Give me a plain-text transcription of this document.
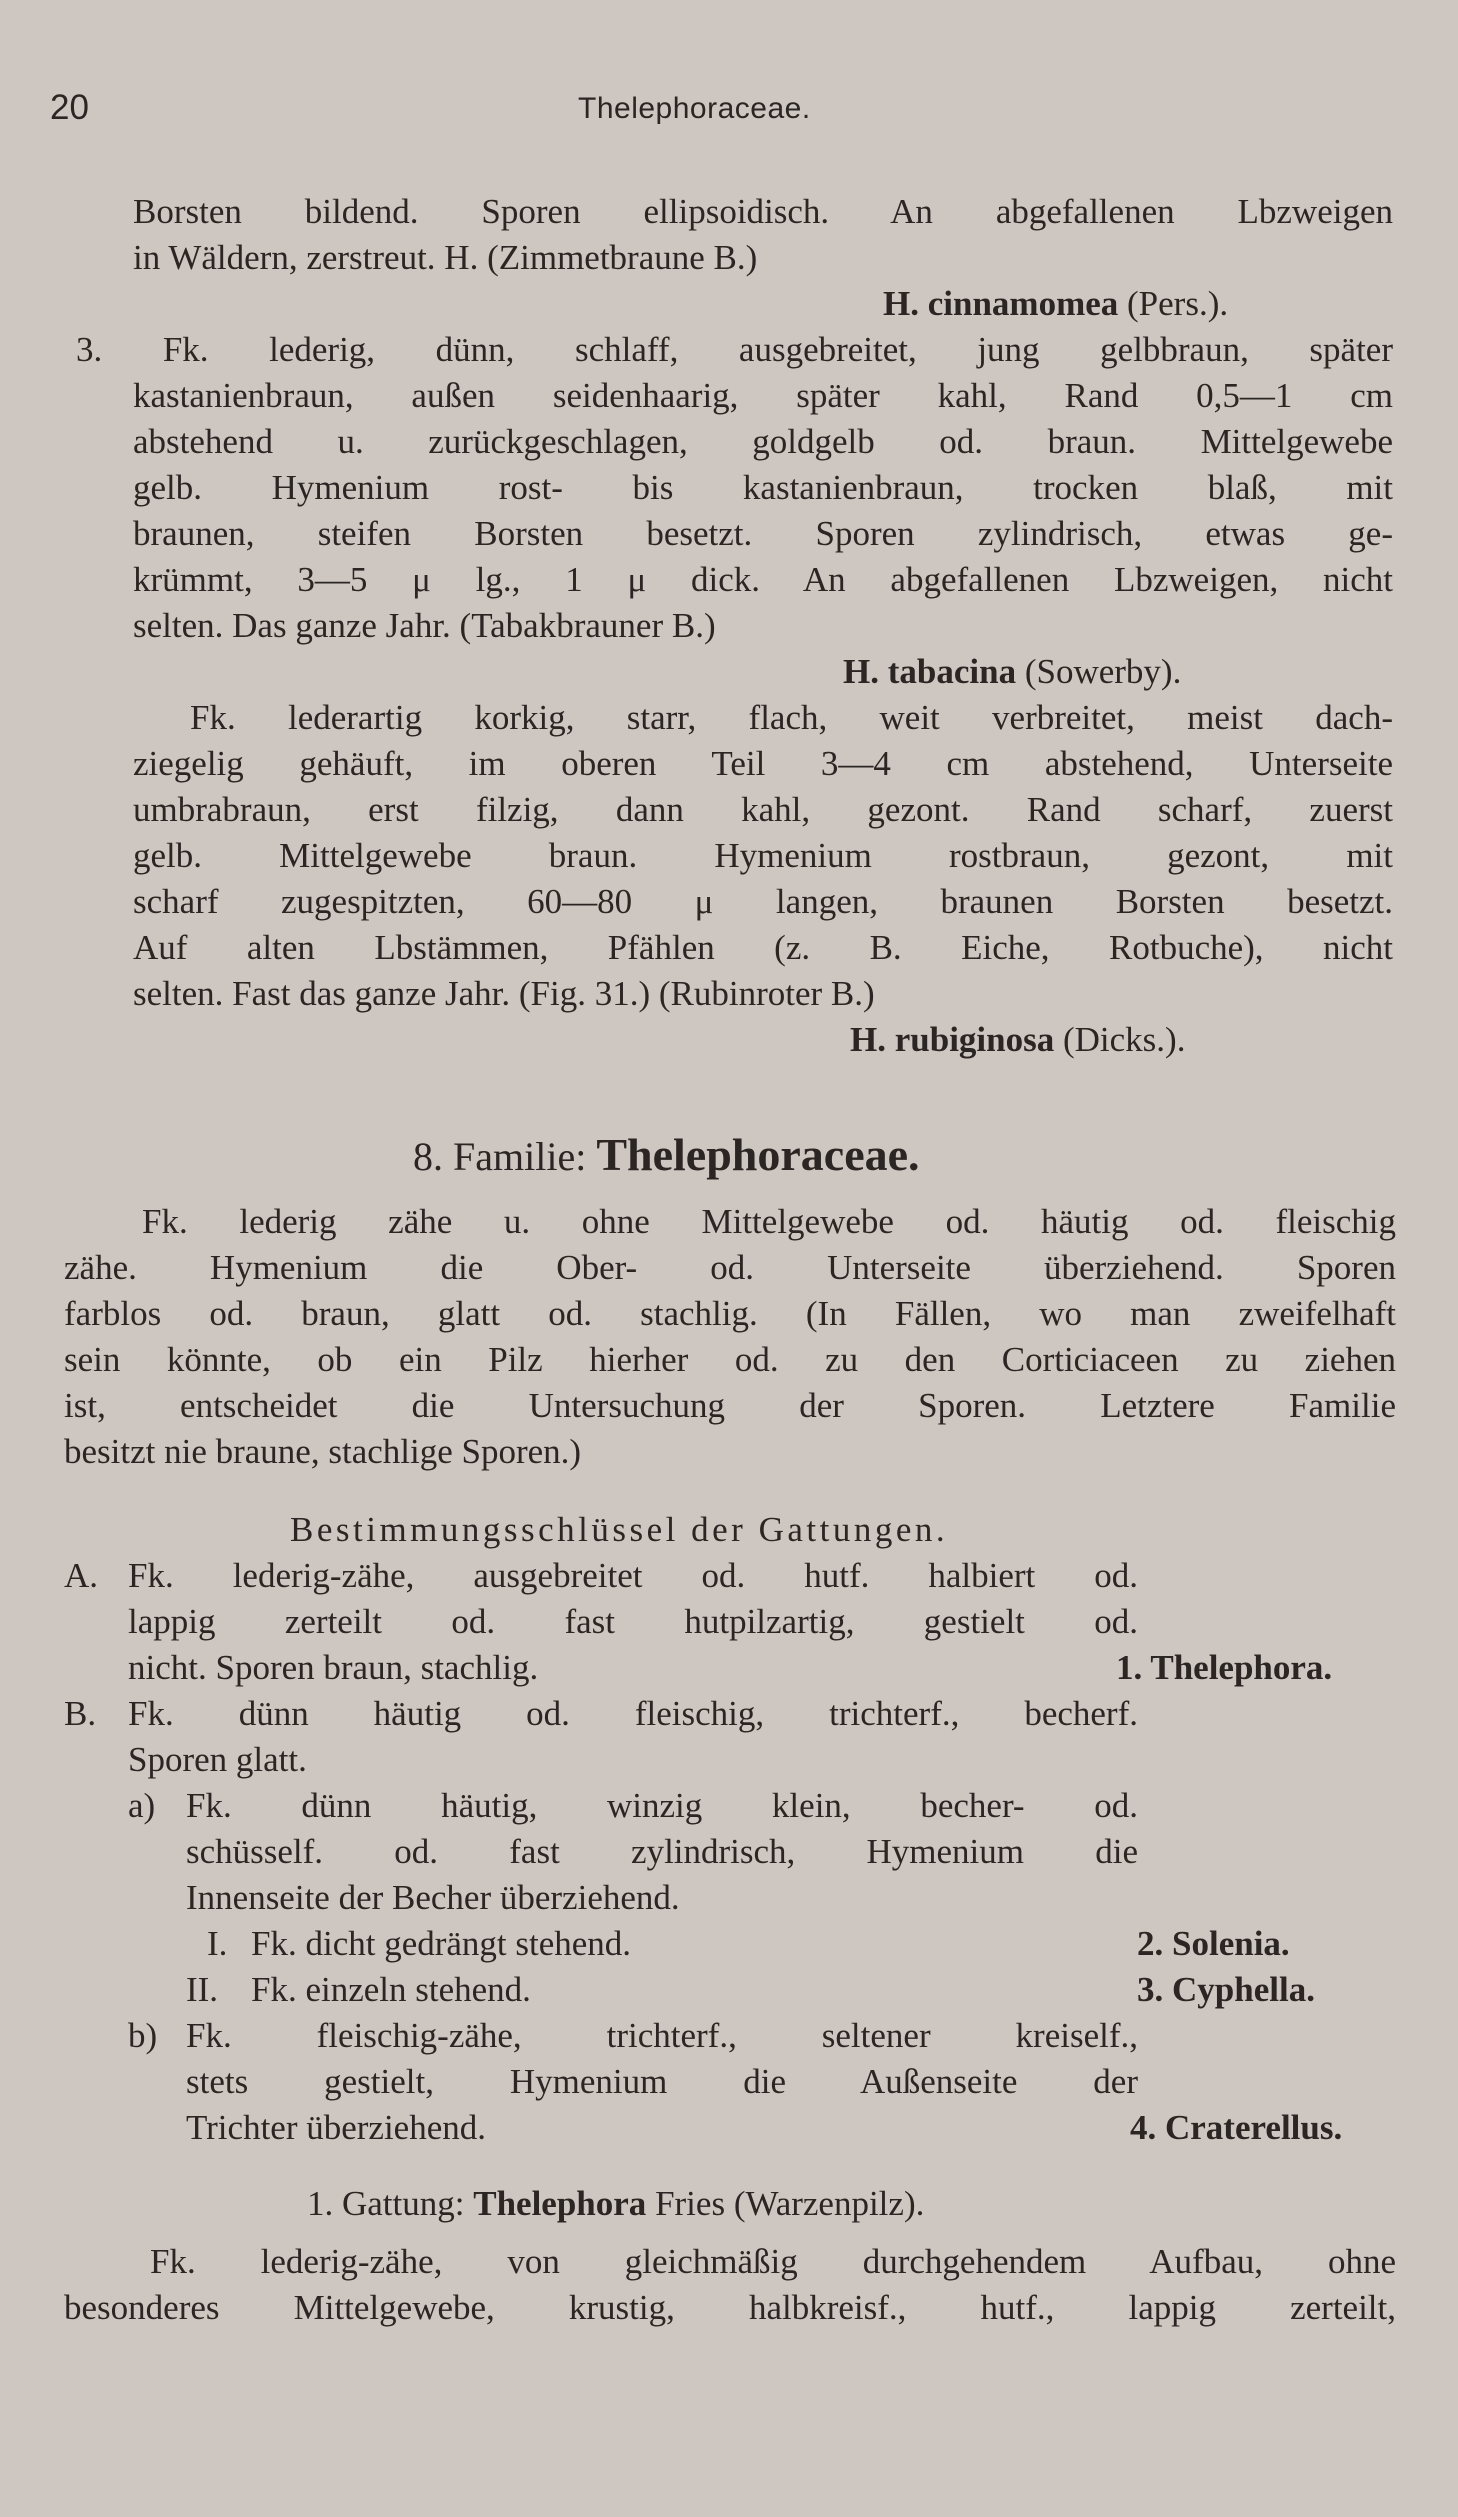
20	Thelephoraceae.
Borsten bildend. Sporen ellipsoidisch. An abgefallenen Lbzweigen
in Wäldern, zerstreut. H. (Zimmetbraune B.)
H. cinnamomea (Pers.).
3. Fk. lederig, dünn, schlaff, ausgebreitet, jung gelbbraun, später
kastanienbraun, außen seidenhaarig, später kahl, Rand 0,5—1 cm
abstehend u. zurückgeschlagen, goldgelb od. braun. Mittelgewebe
gelb. Hymenium rost- bis kastanienbraun, trocken blaß, mit
braunen, steifen Borsten besetzt. Sporen zylindrisch, etwas ge-
krümmt, 3—5 μ lg., 1 μ dick. An abgefallenen Lbzweigen, nicht
selten. Das ganze Jahr. (Tabakbrauner B.)
H. tabacina (Sowerby).
Fk. lederartig korkig, starr, flach, weit verbreitet, meist dach-
ziegelig gehäuft, im oberen Teil 3—4 cm abstehend, Unterseite
umbrabraun, erst filzig, dann kahl, gezont. Rand scharf, zuerst
gelb. Mittelgewebe braun. Hymenium rostbraun, gezont, mit
scharf zugespitzten, 60—80 μ langen, braunen Borsten besetzt.
Auf alten Lbstämmen, Pfählen (z. B. Eiche, Rotbuche), nicht
selten. Fast das ganze Jahr. (Fig. 31.) (Rubinroter B.)
H. rubiginosa (Dicks.).
8. Familie: Thelephoraceae.
Fk. lederig zähe u. ohne Mittelgewebe od. häutig od. fleischig
zähe. Hymenium die Ober- od. Unterseite überziehend. Sporen
farblos od. braun, glatt od. stachlig. (In Fällen, wo man zweifelhaft
sein könnte, ob ein Pilz hierher od. zu den Corticiaceen zu ziehen
ist, entscheidet die Untersuchung der Sporen. Letztere Familie
besitzt nie braune, stachlige Sporen.)
Bestimmungsschlüssel der Gattungen.
A. Fk. lederig-zähe, ausgebreitet od. hutf. halbiert od.
lappig zerteilt od. fast hutpilzartig, gestielt od.
nicht. Sporen braun, stachlig.	1. Thelephora.
B. Fk. dünn häutig od. fleischig, trichterf., becherf.
Sporen glatt.
a) Fk. dünn häutig, winzig klein, becher- od.
schüsself. od. fast zylindrisch, Hymenium die
Innenseite der Becher überziehend.
I. Fk. dicht gedrängt stehend.	2. Solenia.
II. Fk. einzeln stehend.	3. Cyphella.
b) Fk. fleischig-zähe, trichterf., seltener kreiself.,
stets gestielt, Hymenium die Außenseite der
Trichter überziehend.	4. Craterellus.
1. Gattung: Thelephora Fries (Warzenpilz).
Fk. lederig-zähe, von gleichmäßig durchgehendem Aufbau, ohne
besonderes Mittelgewebe, krustig, halbkreisf., hutf., lappig zerteilt,
